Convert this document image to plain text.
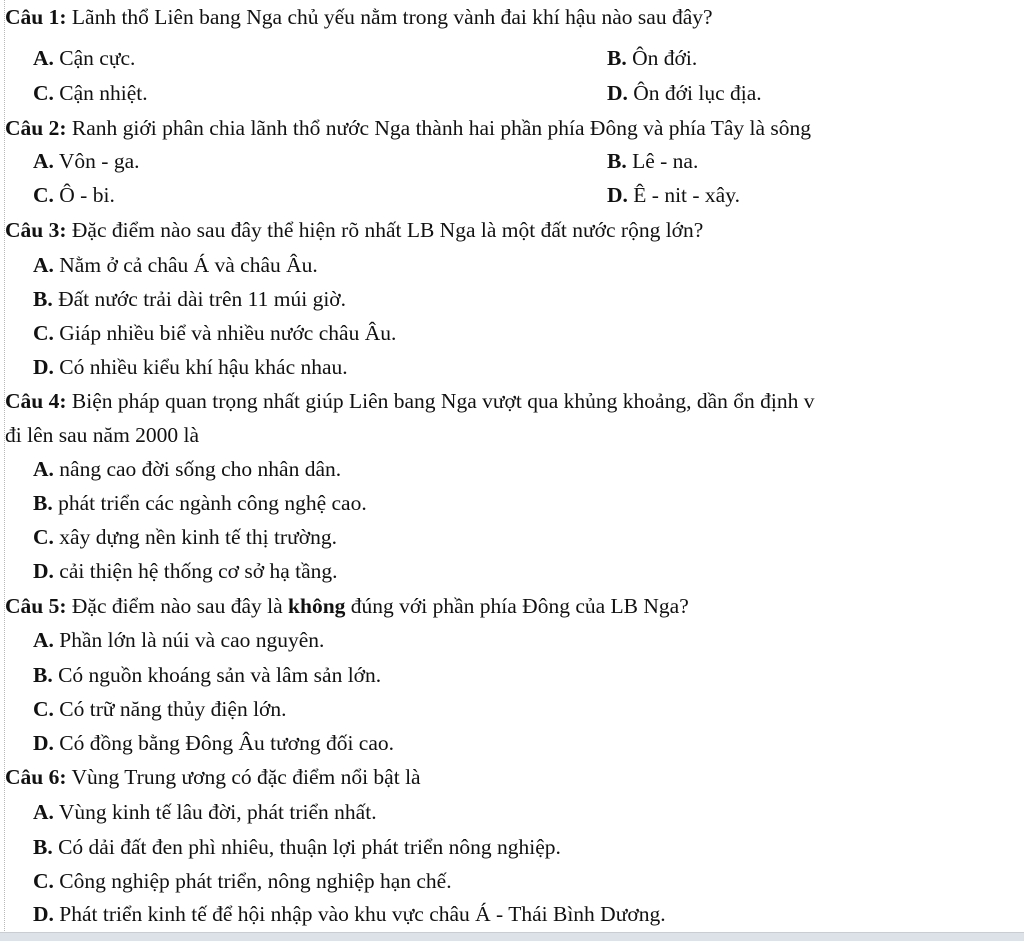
Câu 1: Lãnh thổ Liên bang Nga chủ yếu nằm trong vành đai khí hậu nào sau đây?
A. Cận cực.	B. Ôn đới.
C. Cận nhiệt.	D. Ôn đới lục địa.
Câu 2: Ranh giới phân chia lãnh thổ nước Nga thành hai phần phía Đông và phía Tây là sông
A. Vôn - ga.	B. Lê - na.
C. Ô - bi.	D. Ê - nit - xây.
Câu 3: Đặc điểm nào sau đây thể hiện rõ nhất LB Nga là một đất nước rộng lớn?
A. Nằm ở cả châu Á và châu Âu.
B. Đất nước trải dài trên 11 múi giờ.
C. Giáp nhiều biể và nhiều nước châu Âu.
D. Có nhiều kiểu khí hậu khác nhau.
Câu 4: Biện pháp quan trọng nhất giúp Liên bang Nga vượt qua khủng khoảng, dần ổn định v
đi lên sau năm 2000 là
A. nâng cao đời sống cho nhân dân.
B. phát triển các ngành công nghệ cao.
C. xây dựng nền kinh tế thị trường.
D. cải thiện hệ thống cơ sở hạ tầng.
Câu 5: Đặc điểm nào sau đây là không đúng với phần phía Đông của LB Nga?
A. Phần lớn là núi và cao nguyên.
B. Có nguồn khoáng sản và lâm sản lớn.
C. Có trữ năng thủy điện lớn.
D. Có đồng bằng Đông Âu tương đối cao.
Câu 6: Vùng Trung ương có đặc điểm nổi bật là
A. Vùng kinh tế lâu đời, phát triển nhất.
B. Có dải đất đen phì nhiêu, thuận lợi phát triển nông nghiệp.
C. Công nghiệp phát triển, nông nghiệp hạn chế.
D. Phát triển kinh tế để hội nhập vào khu vực châu Á - Thái Bình Dương.
